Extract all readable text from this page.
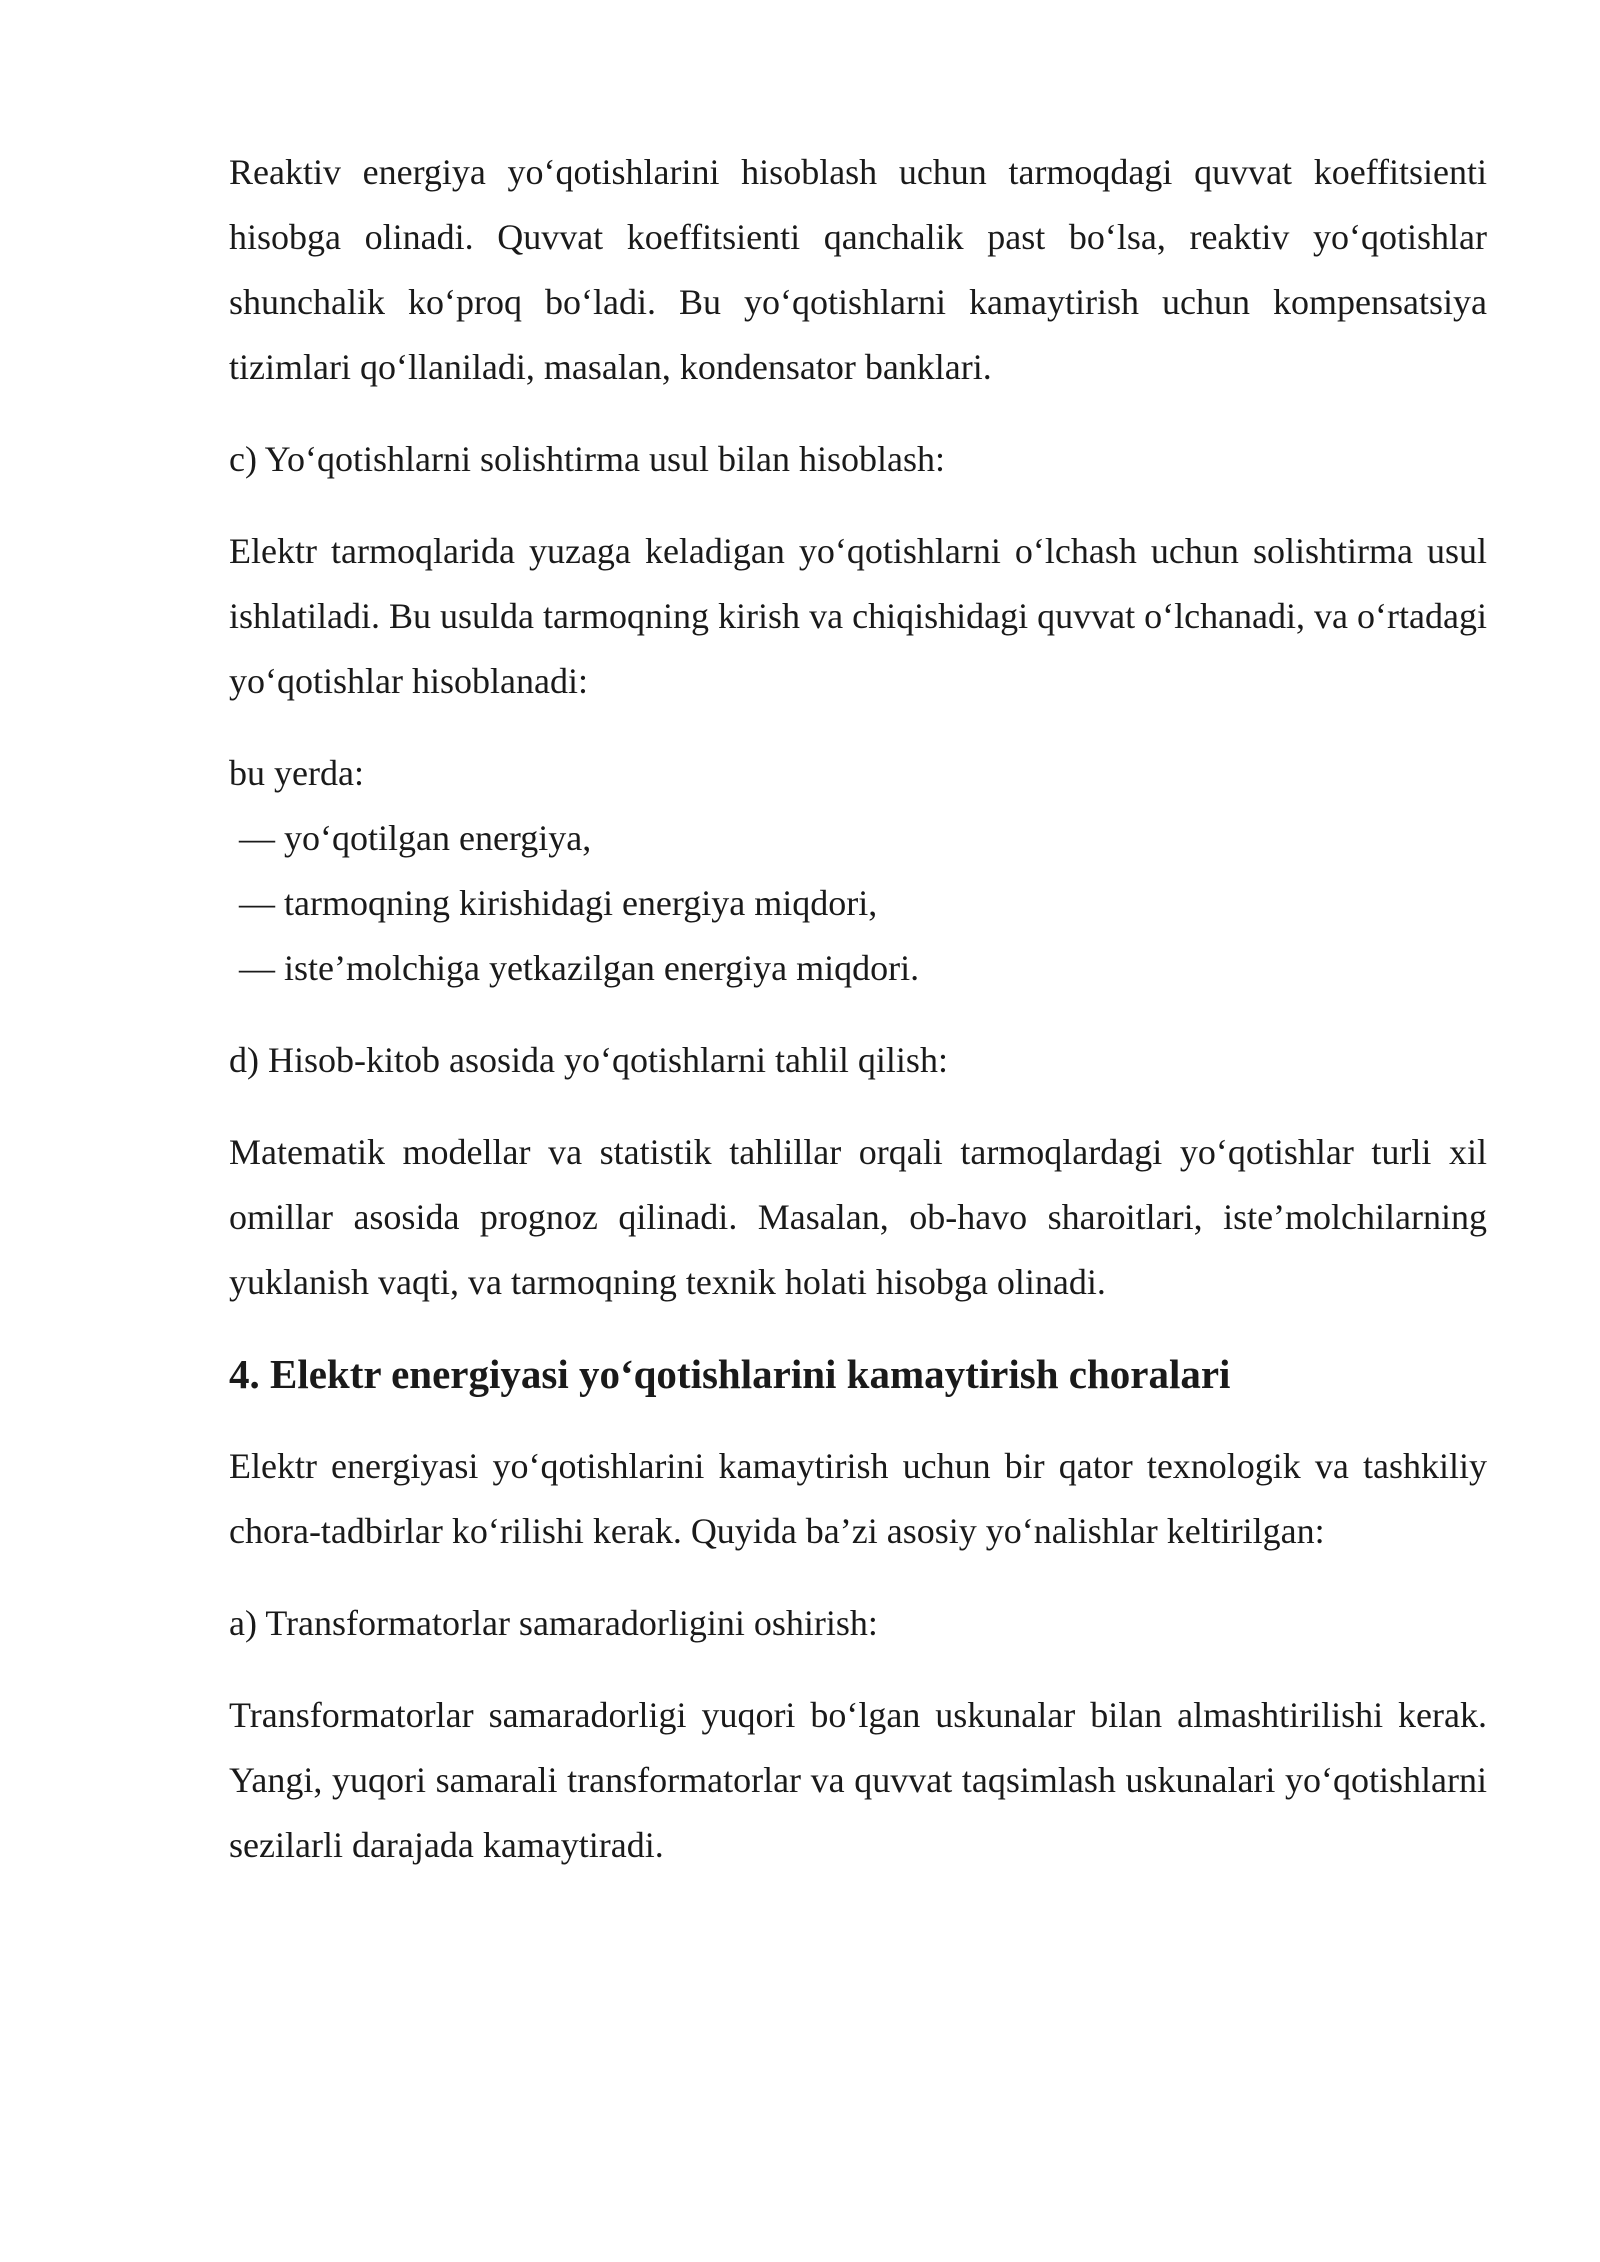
Reaktiv energiya yo‘qotishlarini hisoblash uchun tarmoqdagi quvvat koeffitsienti hisobga olinadi. Quvvat koeffitsienti qanchalik past bo‘lsa, reaktiv yo‘qotishlar shunchalik ko‘proq bo‘ladi. Bu yo‘qotishlarni kamaytirish uchun kompensatsiya tizimlari qo‘llaniladi, masalan, kondensator banklari.

c) Yo‘qotishlarni solishtirma usul bilan hisoblash:

Elektr tarmoqlarida yuzaga keladigan yo‘qotishlarni o‘lchash uchun solishtirma usul ishlatiladi. Bu usulda tarmoqning kirish va chiqishidagi quvvat o‘lchanadi, va o‘rtadagi yo‘qotishlar hisoblanadi:

bu yerda:

— yo‘qotilgan energiya,

— tarmoqning kirishidagi energiya miqdori,

— iste’molchiga yetkazilgan energiya miqdori.

d) Hisob-kitob asosida yo‘qotishlarni tahlil qilish:

Matematik modellar va statistik tahlillar orqali tarmoqlardagi yo‘qotishlar turli xil omillar asosida prognoz qilinadi. Masalan, ob-havo sharoitlari, iste’molchilarning yuklanish vaqti, va tarmoqning texnik holati hisobga olinadi.

4. Elektr energiyasi yo‘qotishlarini kamaytirish choralari

Elektr energiyasi yo‘qotishlarini kamaytirish uchun bir qator texnologik va tashkiliy chora-tadbirlar ko‘rilishi kerak. Quyida ba’zi asosiy yo‘nalishlar keltirilgan:

a) Transformatorlar samaradorligini oshirish:

Transformatorlar samaradorligi yuqori bo‘lgan uskunalar bilan almashtirilishi kerak. Yangi, yuqori samarali transformatorlar va quvvat taqsimlash uskunalari yo‘qotishlarni sezilarli darajada kamaytiradi.
